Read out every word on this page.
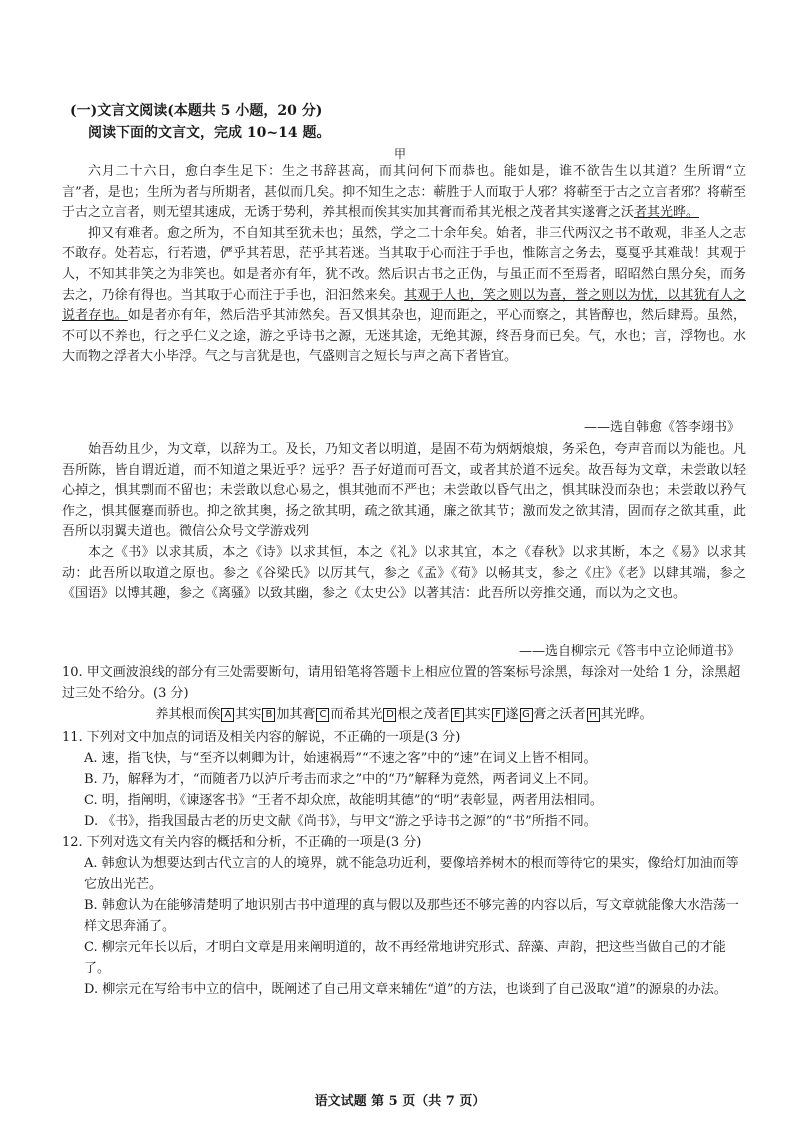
(一)文言文阅读(本题共 5 小题，20 分)
阅读下面的文言文，完成 10~14 题。
甲

六月二十六日，愈白李生足下：生之书辞甚高，而其问何下而恭也。能如是，谁不欲告生以其道？生所谓“立言”者，是也；生所为者与所期者，甚似而几矣。抑不知生之志：蕲胜于人而取于人邪？将蕲至于古之立言者邪？将蕲至于古之立言者，则无望其速成，无诱于势利，养其根而俟其实加其膏而希其光根之茂者其实遂膏之沃者其光晔。

抑又有难者。愈之所为，不自知其至犹未也；虽然，学之二十余年矣。始者，非三代两汉之书不敢观，非圣人之志不敢存。处若忘，行若遗，俨乎其若思，茫乎其若迷。当其取于心而注于手也，惟陈言之务去，戛戛乎其难哉！其观于人，不知其非笑之为非笑也。如是者亦有年，犹不改。然后识古书之正伪，与虽正而不至焉者，昭昭然白黑分矣，而务去之，乃徐有得也。当其取于心而注于手也，汩汩然来矣。其观于人也，笑之则以为喜，誉之则以为忧，以其犹有人之说者存也。如是者亦有年，然后浩乎其沛然矣。吾又惧其杂也，迎而距之，平心而察之，其皆醇也，然后肆焉。虽然，不可以不养也，行之乎仁义之途，游之乎诗书之源，无迷其途，无绝其源，终吾身而已矣。气，水也；言，浮物也。水大而物之浮者大小毕浮。气之与言犹是也，气盛则言之短长与声之高下者皆宜。

——选自韩愈《答李翊书》

始吾幼且少，为文章，以辞为工。及长，乃知文者以明道，是固不苟为炳炳烺烺，务采色，夸声音而以为能也。凡吾所陈，皆自谓近道，而不知道之果近乎？远乎？吾子好道而可吾文，或者其於道不远矣。故吾每为文章，未尝敢以轻心掉之，惧其剽而不留也；未尝敢以怠心易之，惧其弛而不严也；未尝敢以昏气出之，惧其昧没而杂也；未尝敢以矜气作之，惧其偃蹇而骄也。抑之欲其奥，扬之欲其明，疏之欲其通，廉之欲其节；激而发之欲其清，固而存之欲其重，此吾所以羽翼夫道也。微信公众号文学游戏列

本之《书》以求其质，本之《诗》以求其恒，本之《礼》以求其宜，本之《春秋》以求其断，本之《易》以求其动：此吾所以取道之原也。参之《谷梁氏》以厉其气，参之《孟》《荀》以畅其支，参之《庄》《老》以肆其端，参之《国语》以博其趣，参之《离骚》以致其幽，参之《太史公》以著其洁：此吾所以旁推交通，而以为之文也。

——选自柳宗元《答韦中立论师道书》

10. 甲文画波浪线的部分有三处需要断句，请用铅笔将答题卡上相应位置的答案标号涂黑，每涂对一处给 1 分，涂黑超过三处不给分。(3 分)

养其根而俟 A 其实 B 加其膏 C 而希其光 D 根之茂者 E 其实 F 遂 G 膏之沃者 H 其光晔。

11. 下列对文中加点的词语及相关内容的解说，不正确的一项是(3 分)

A. 速，指飞快，与“至齐以刺卿为计，始速祸焉”“不速之客”中的“速”在词义上皆不相同。

B. 乃，解释为才，“而随者乃以泸斤考击而求之”中的“乃”解释为竟然，两者词义上不同。

C. 明，指阐明，《谏逐客书》“王者不却众庶，故能明其德”的“明”表彰显，两者用法相同。

D. 《书》，指我国最古老的历史文献《尚书》，与甲文“游之乎诗书之源”的“书”所指不同。

12. 下列对选文有关内容的概括和分析，不正确的一项是(3 分)

A. 韩愈认为想要达到古代立言的人的境界，就不能急功近利，要像培养树木的根而等待它的果实，像给灯加油而等它放出光芒。

B. 韩愈认为在能够清楚明了地识别古书中道理的真与假以及那些还不够完善的内容以后，写文章就能像大水浩荡一样文思奔涌了。

C. 柳宗元年长以后，才明白文章是用来阐明道的，故不再经常地讲究形式、辞藻、声韵，把这些当做自己的才能了。

D. 柳宗元在写给韦中立的信中，既阐述了自己用文章来辅佐“道”的方法，也谈到了自己汲取“道”的源泉的办法。

语文试题 第 5 页（共 7 页）
